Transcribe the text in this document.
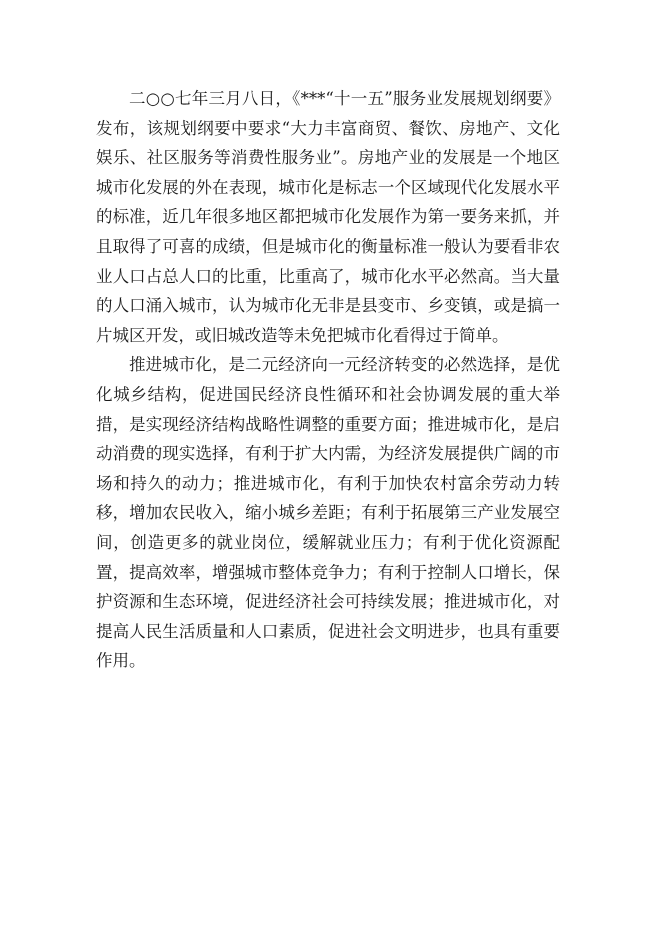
二○○七年三月八日，《***“十一五”服务业发展规划纲要》发布，该规划纲要中要求“大力丰富商贸、餐饮、房地产、文化娱乐、社区服务等消费性服务业”。房地产业的发展是一个地区城市化发展的外在表现，城市化是标志一个区域现代化发展水平的标准，近几年很多地区都把城市化发展作为第一要务来抓，并且取得了可喜的成绩，但是城市化的衡量标准一般认为要看非农业人口占总人口的比重，比重高了，城市化水平必然高。当大量的人口涌入城市，认为城市化无非是县变市、乡变镇，或是搞一片城区开发，或旧城改造等未免把城市化看得过于简单。

推进城市化，是二元经济向一元经济转变的必然选择，是优化城乡结构，促进国民经济良性循环和社会协调发展的重大举措，是实现经济结构战略性调整的重要方面；推进城市化，是启动消费的现实选择，有利于扩大内需，为经济发展提供广阔的市场和持久的动力；推进城市化，有利于加快农村富余劳动力转移，增加农民收入，缩小城乡差距；有利于拓展第三产业发展空间，创造更多的就业岗位，缓解就业压力；有利于优化资源配置，提高效率，增强城市整体竞争力；有利于控制人口增长，保护资源和生态环境，促进经济社会可持续发展；推进城市化，对提高人民生活质量和人口素质，促进社会文明进步，也具有重要作用。
